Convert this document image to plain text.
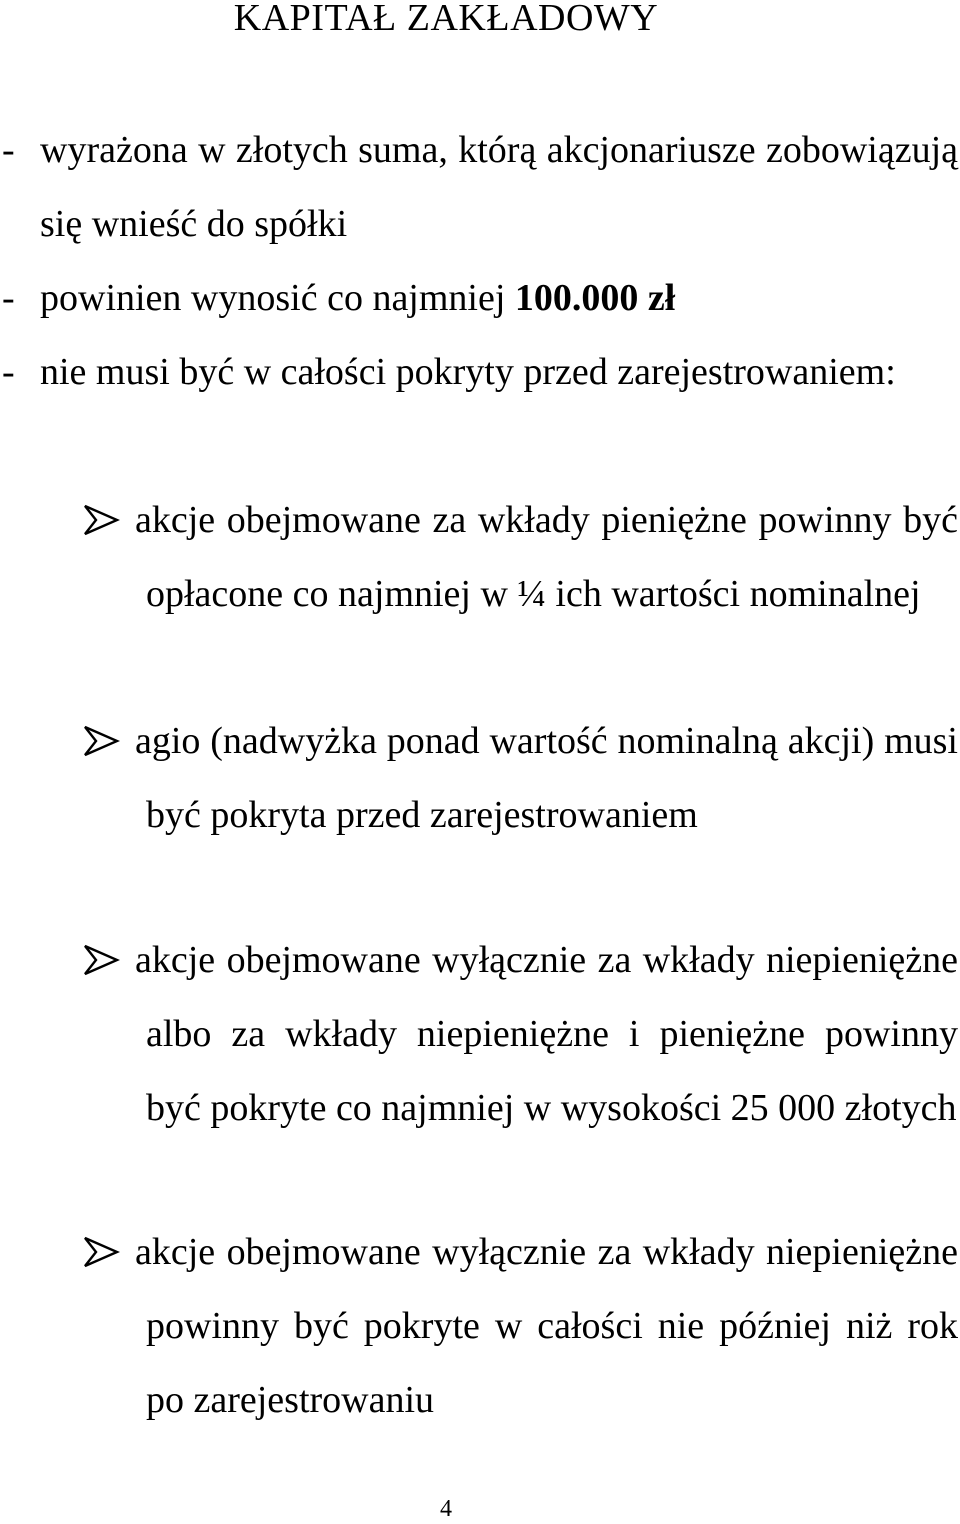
KAPITAŁ ZAKŁADOWY
- wyrażona w złotych suma, którą akcjonariusze zobowiązują się wnieść do spółki
- powinien wynosić co najmniej 100.000 zł
- nie musi być w całości pokryty przed zarejestrowaniem:
akcje obejmowane za wkłady pieniężne powinny być opłacone co najmniej w ¼ ich wartości nominalnej
agio (nadwyżka ponad wartość nominalną akcji) musi być pokryta przed zarejestrowaniem
akcje obejmowane wyłącznie za wkłady niepieniężne albo za wkłady niepieniężne i pieniężne powinny być pokryte co najmniej w wysokości 25 000 złotych
akcje obejmowane wyłącznie za wkłady niepieniężne powinny być pokryte w całości nie później niż rok po zarejestrowaniu
4
